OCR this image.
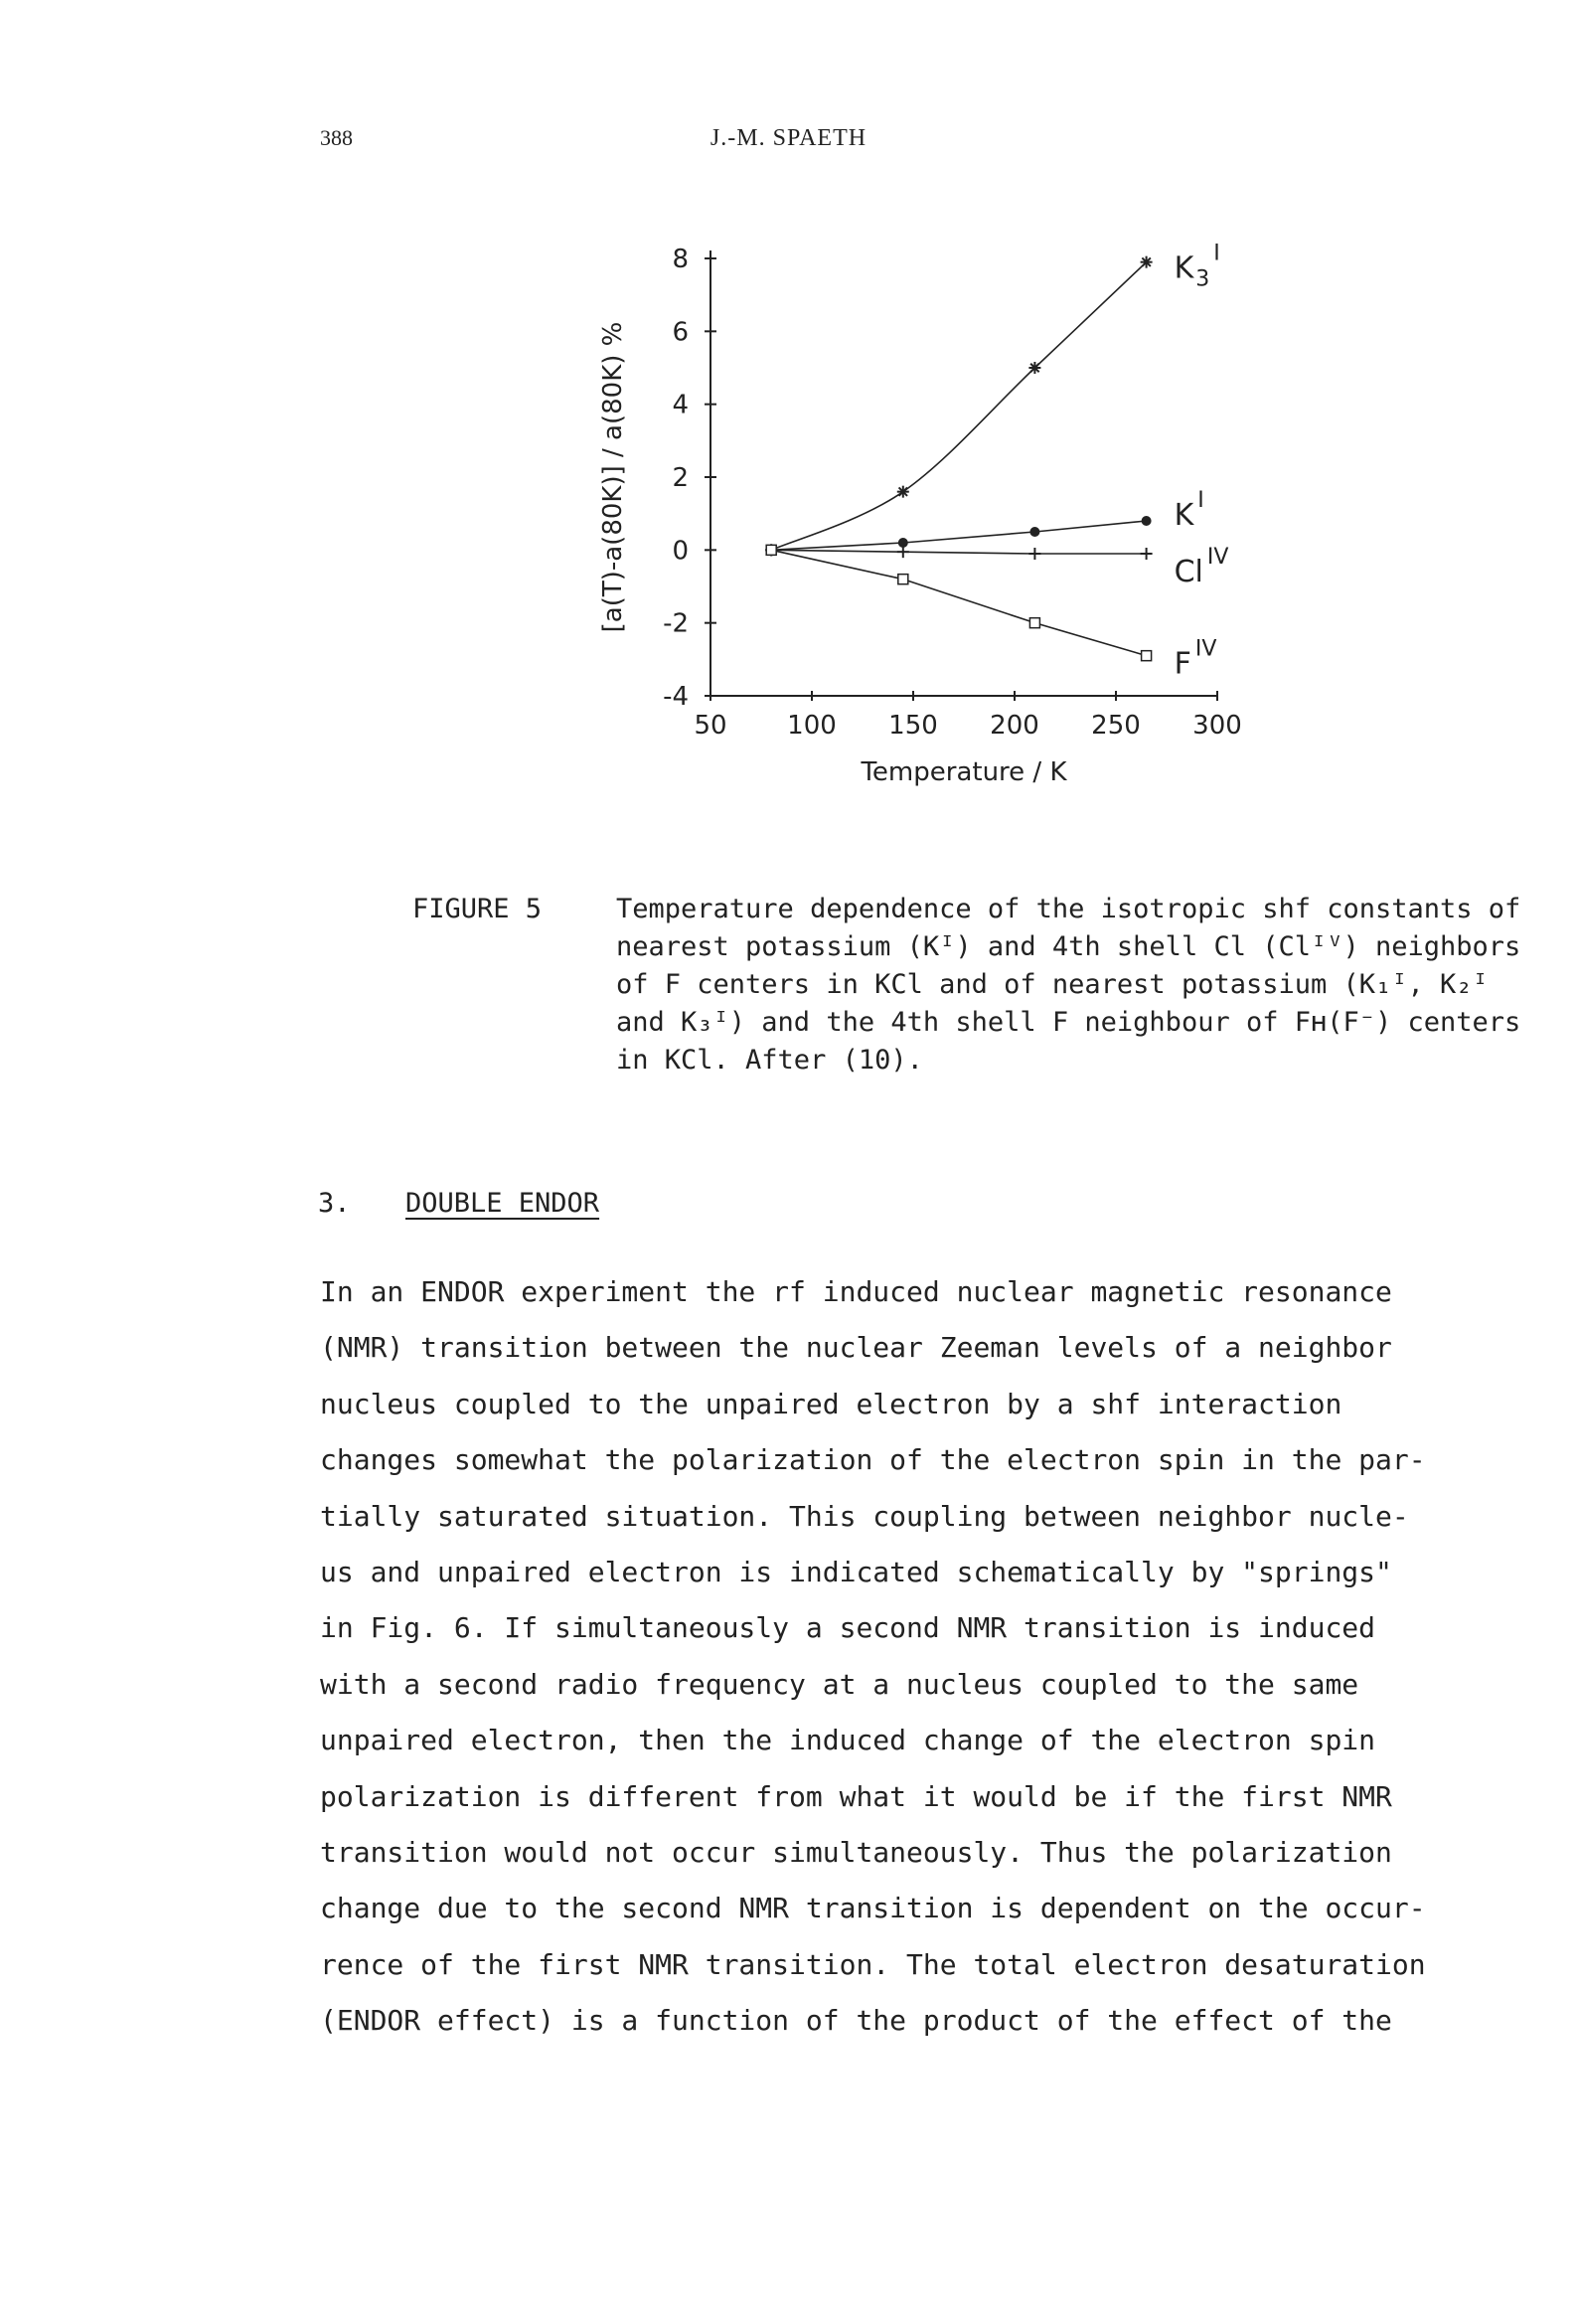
388	J.-M. SPAETH
50 100 150 200 250 300
8
6
4
2
0
-2
-4
Temperature / K
[a(T)-a(80K)] / a(80K) %
$K_3^I$
K $^I$
Cl $^{IV}$
F $^{IV}$
FIGURE 5	Temperature dependence of the isotropic shf constants of nearest potassium (Kᴵ) and 4th shell Cl (Clᴵⱽ) neighbors of F centers in KCl and of nearest potassium (K₁ᴵ, K₂ᴵ and K₃ᴵ) and the 4th shell F neighbour of Fʜ(F⁻) centers in KCl. After (10).
3. DOUBLE ENDOR
In an ENDOR experiment the rf induced nuclear magnetic resonance
(NMR) transition between the nuclear Zeeman levels of a neighbor
nucleus coupled to the unpaired electron by a shf interaction
changes somewhat the polarization of the electron spin in the par-
tially saturated situation. This coupling between neighbor nucle-
us and unpaired electron is indicated schematically by "springs"
in Fig. 6. If simultaneously a second NMR transition is induced
with a second radio frequency at a nucleus coupled to the same
unpaired electron, then the induced change of the electron spin
polarization is different from what it would be if the first NMR
transition would not occur simultaneously. Thus the polarization
change due to the second NMR transition is dependent on the occur-
rence of the first NMR transition. The total electron desaturation
(ENDOR effect) is a function of the product of the effect of the
